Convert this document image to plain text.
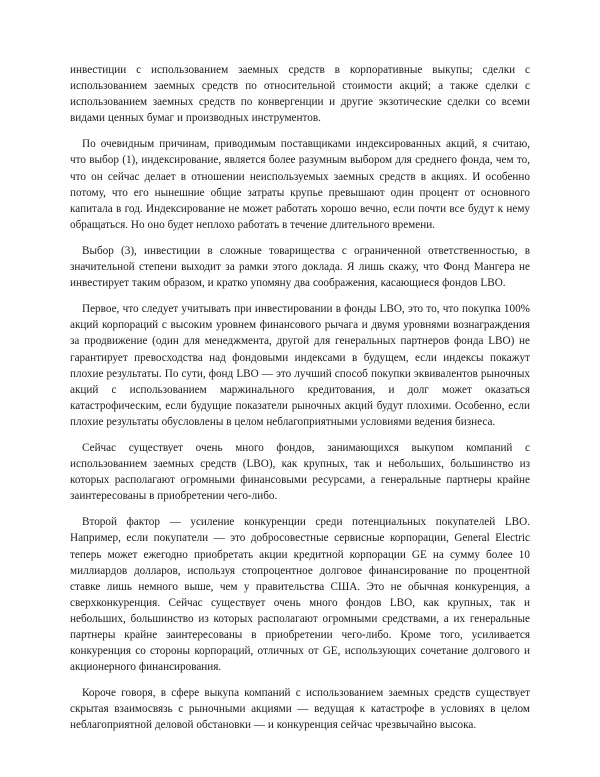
инвестиции с использованием заемных средств в корпоративные выкупы; сделки с использованием заемных средств по относительной стоимости акций; а также сделки с использованием заемных средств по конвергенции и другие экзотические сделки со всеми видами ценных бумаг и производных инструментов.

По очевидным причинам, приводимым поставщиками индексированных акций, я считаю, что выбор (1), индексирование, является более разумным выбором для среднего фонда, чем то, что он сейчас делает в отношении неиспользуемых заемных средств в акциях. И особенно потому, что его нынешние общие затраты крупье превышают один процент от основного капитала в год. Индексирование не может работать хорошо вечно, если почти все будут к нему обращаться. Но оно будет неплохо работать в течение длительного времени.

Выбор (3), инвестиции в сложные товарищества с ограниченной ответственностью, в значительной степени выходит за рамки этого доклада. Я лишь скажу, что Фонд Мангера не инвестирует таким образом, и кратко упомяну два соображения, касающиеся фондов LBO.

Первое, что следует учитывать при инвестировании в фонды LBO, это то, что покупка 100% акций корпораций с высоким уровнем финансового рычага и двумя уровнями вознаграждения за продвижение (один для менеджмента, другой для генеральных партнеров фонда LBO) не гарантирует превосходства над фондовыми индексами в будущем, если индексы покажут плохие результаты. По сути, фонд LBO — это лучший способ покупки эквивалентов рыночных акций с использованием маржинального кредитования, и долг может оказаться катастрофическим, если будущие показатели рыночных акций будут плохими. Особенно, если плохие результаты обусловлены в целом неблагоприятными условиями ведения бизнеса.

Сейчас существует очень много фондов, занимающихся выкупом компаний с использованием заемных средств (LBO), как крупных, так и небольших, большинство из которых располагают огромными финансовыми ресурсами, а генеральные партнеры крайне заинтересованы в приобретении чего-либо.

Второй фактор — усиление конкуренции среди потенциальных покупателей LBO. Например, если покупатели — это добросовестные сервисные корпорации, General Electric теперь может ежегодно приобретать акции кредитной корпорации GE на сумму более 10 миллиардов долларов, используя стопроцентное долговое финансирование по процентной ставке лишь немного выше, чем у правительства США. Это не обычная конкуренция, а сверхконкуренция. Сейчас существует очень много фондов LBO, как крупных, так и небольших, большинство из которых располагают огромными средствами, а их генеральные партнеры крайне заинтересованы в приобретении чего-либо. Кроме того, усиливается конкуренция со стороны корпораций, отличных от GE, использующих сочетание долгового и акционерного финансирования.

Короче говоря, в сфере выкупа компаний с использованием заемных средств существует скрытая взаимосвязь с рыночными акциями — ведущая к катастрофе в условиях в целом неблагоприятной деловой обстановки — и конкуренция сейчас чрезвычайно высока.
